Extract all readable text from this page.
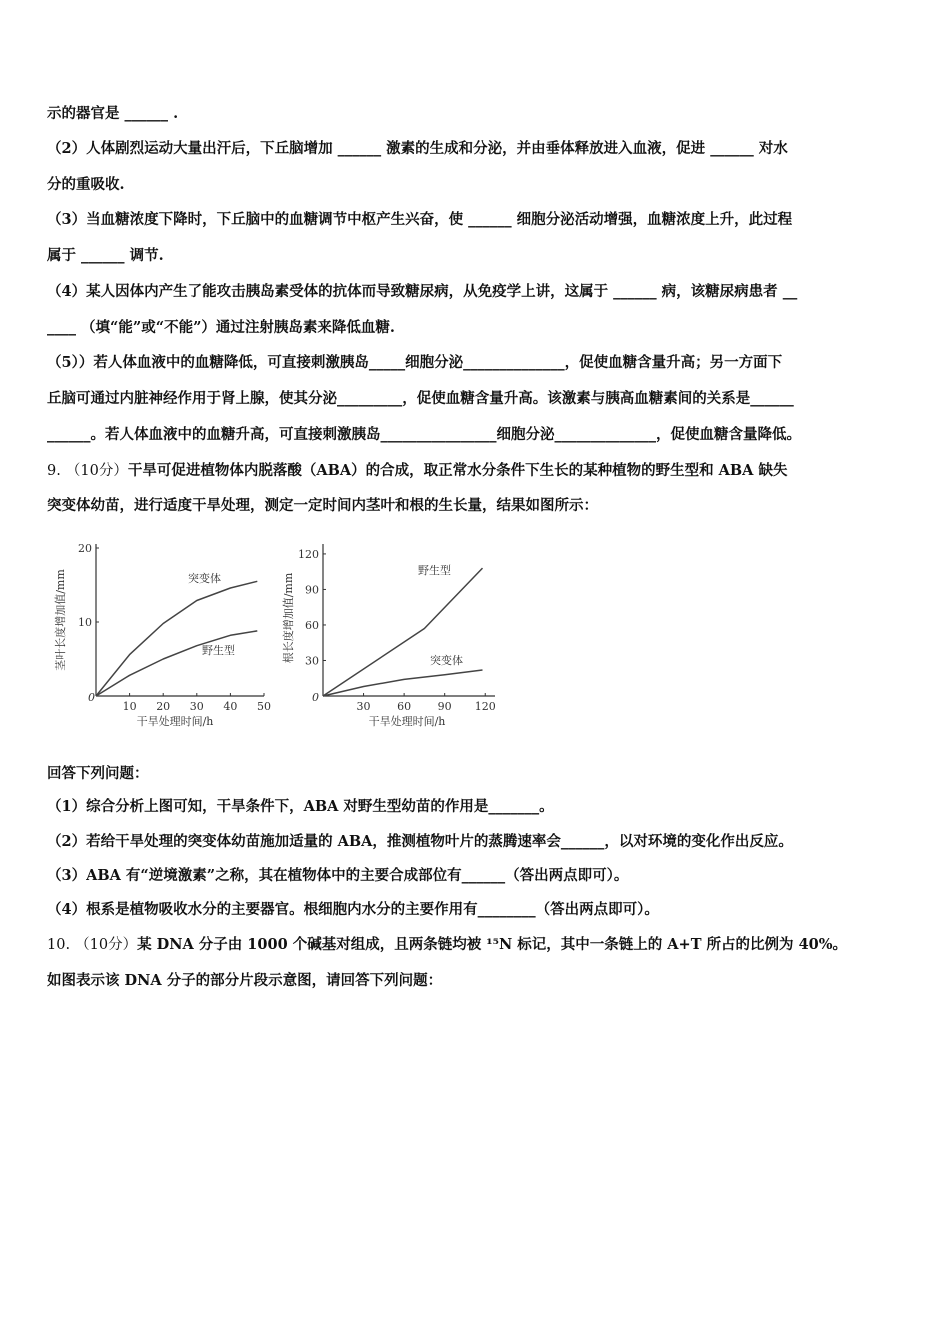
示的器官是 ______ .
（2）人体剧烈运动大量出汗后，下丘脑增加 ______ 激素的生成和分泌，并由垂体释放进入血液，促进 ______ 对水
分的重吸收.
（3）当血糖浓度下降时，下丘脑中的血糖调节中枢产生兴奋，使 ______ 细胞分泌活动增强，血糖浓度上升，此过程
属于 ______ 调节.
（4）某人因体内产生了能攻击胰岛素受体的抗体而导致糖尿病，从免疫学上讲，这属于 ______ 病，该糖尿病患者 __
____ （填“能”或“不能”）通过注射胰岛素来降低血糖.
（5））若人体血液中的血糖降低，可直接刺激胰岛_____细胞分泌______________，促使血糖含量升高；另一方面下
丘脑可通过内脏神经作用于肾上腺，使其分泌_________，促使血糖含量升高。该激素与胰高血糖素间的关系是______
______。若人体血液中的血糖升高，可直接刺激胰岛________________细胞分泌______________，促使血糖含量降低。
9. （10分）干旱可促进植物体内脱落酸（ABA）的合成，取正常水分条件下生长的某种植物的野生型和 ABA 缺失
突变体幼苗，进行适度干旱处理，测定一定时间内茎叶和根的生长量，结果如图所示：
茎叶长度增加值/mm
干旱处理时间/h
0
10 20 30 40 50
10
20
突变体
野生型	根长度增加值/mm
干旱处理时间/h
0
30 60 90 120
30
60
90
120
野生型
突变体
回答下列问题：
（1）综合分析上图可知，干旱条件下，ABA 对野生型幼苗的作用是_______。
（2）若给干旱处理的突变体幼苗施加适量的 ABA，推测植物叶片的蒸腾速率会______，以对环境的变化作出反应。
（3）ABA 有“逆境激素”之称，其在植物体中的主要合成部位有______（答出两点即可）。
（4）根系是植物吸收水分的主要器官。根细胞内水分的主要作用有________（答出两点即可）。
10. （10分）某 DNA 分子由 1000 个碱基对组成，且两条链均被 ¹⁵N 标记，其中一条链上的 A+T 所占的比例为 40%。
如图表示该 DNA 分子的部分片段示意图，请回答下列问题：
